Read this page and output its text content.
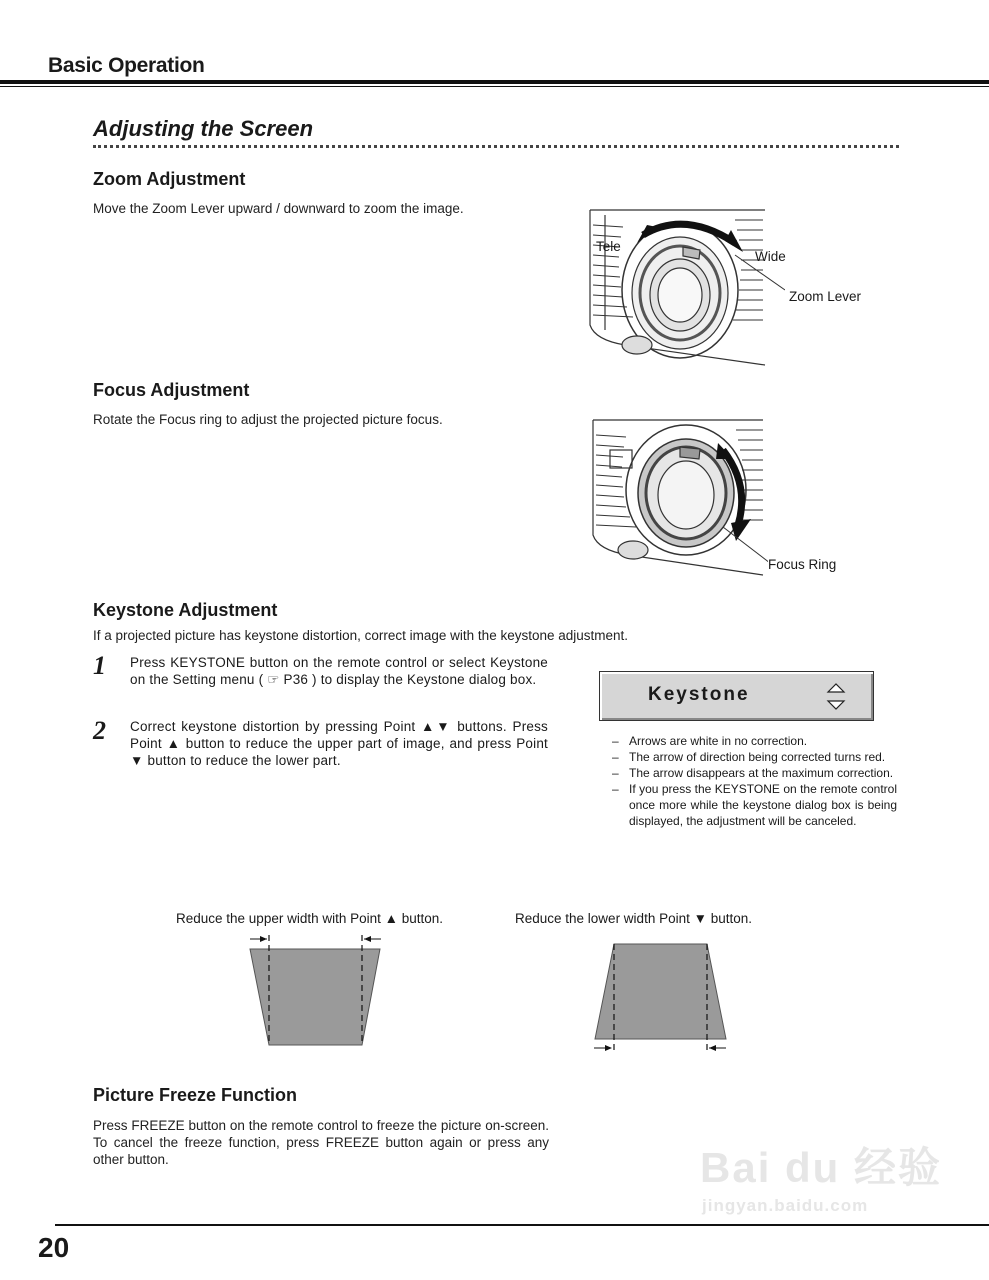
Basic Operation
Adjusting the Screen
Zoom Adjustment
Move the Zoom Lever upward / downward to zoom the image.
Tele
Wide
Zoom Lever
Focus Adjustment
Rotate the Focus ring to adjust the projected picture focus.
Focus Ring
Keystone Adjustment
If a projected picture has keystone distortion, correct image with the keystone adjustment.
1 Press KEYSTONE button on the remote control or select Keystone on the Setting menu ( ☞ P36 ) to display the Keystone dialog box.
2 Correct keystone distortion by pressing Point ▲▼ buttons. Press Point ▲ button to reduce the upper part of image, and press Point ▼ button to reduce the lower part.
Keystone
– Arrows are white in no correction.
– The arrow of direction being corrected turns red.
– The arrow disappears at the maximum correction.
– If you press the KEYSTONE on the remote control once more while the keystone dialog box is being displayed, the adjustment will be canceled.
Reduce the upper width with Point ▲ button.	Reduce the lower width Point ▼ button.
Picture Freeze Function
Press FREEZE button on the remote control to freeze the picture on-screen. To cancel the freeze function, press FREEZE button again or press any other button.	Bai du 经验
jingyan.baidu.com
20
